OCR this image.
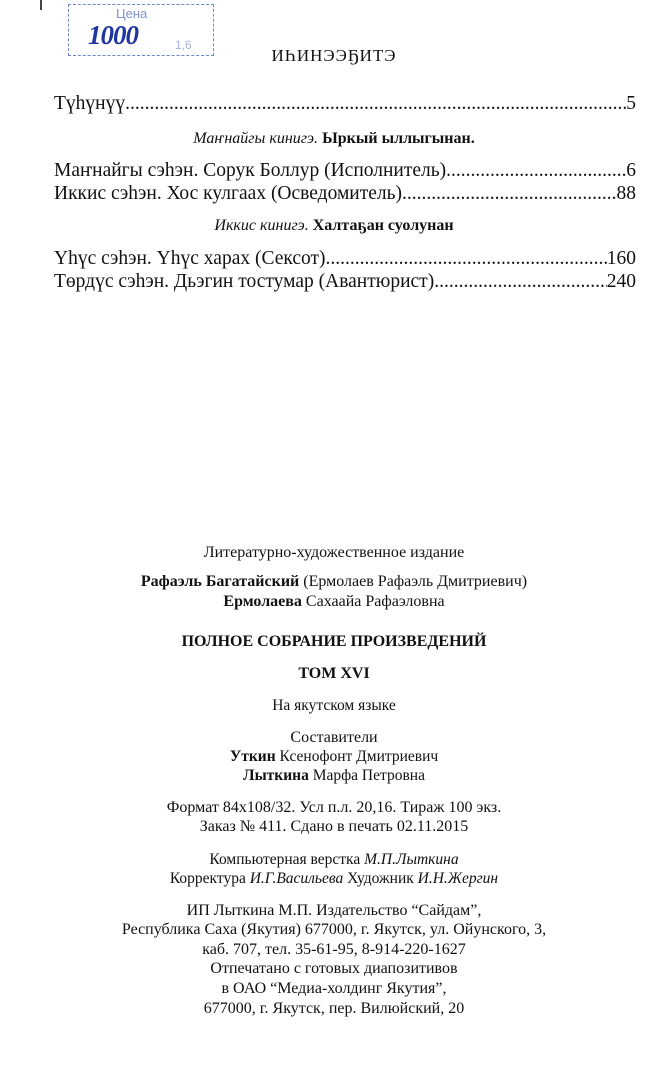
Цена
1000	1,6
ИҺИНЭЭҔИТЭ
Түһүнүү .....	5
Маҥнайгы кинигэ. Ыркый ыллыгынан.
Маҥнайгы сэһэн. Сорук Боллур (Исполнитель) .....	6
Иккис сэһэн. Хос кулгаах (Осведомитель) .....	88
Иккис кинигэ. Халтаҕан суолунан
Үһүс сэһэн. Үһүс харах (Сексот) .....	160
Төрдүс сэһэн. Дьэгин тостумар (Авантюрист) .....	240
Литературно-художественное издание
Рафаэль Багатайский (Ермолаев Рафаэль Дмитриевич)
Ермолаева Сахаайа Рафаэловна
ПОЛНОЕ СОБРАНИЕ ПРОИЗВЕДЕНИЙ
ТОМ XVI
На якутском языке
Составители
Уткин Ксенофонт Дмитриевич
Лыткина Марфа Петровна
Формат 84х108/32. Усл п.л. 20,16. Тираж 100 экз.
Заказ № 411. Сдано в печать 02.11.2015
Компьютерная верстка М.П.Лыткина
Корректура И.Г.Васильева Художник И.Н.Жергин
ИП Лыткина М.П. Издательство “Сайдам”,
Республика Саха (Якутия) 677000, г. Якутск, ул. Ойунского, 3,
каб. 707, тел. 35-61-95, 8-914-220-1627
Отпечатано с готовых диапозитивов
в ОАО “Медиа-холдинг Якутия”,
677000, г. Якутск, пер. Вилюйский, 20
